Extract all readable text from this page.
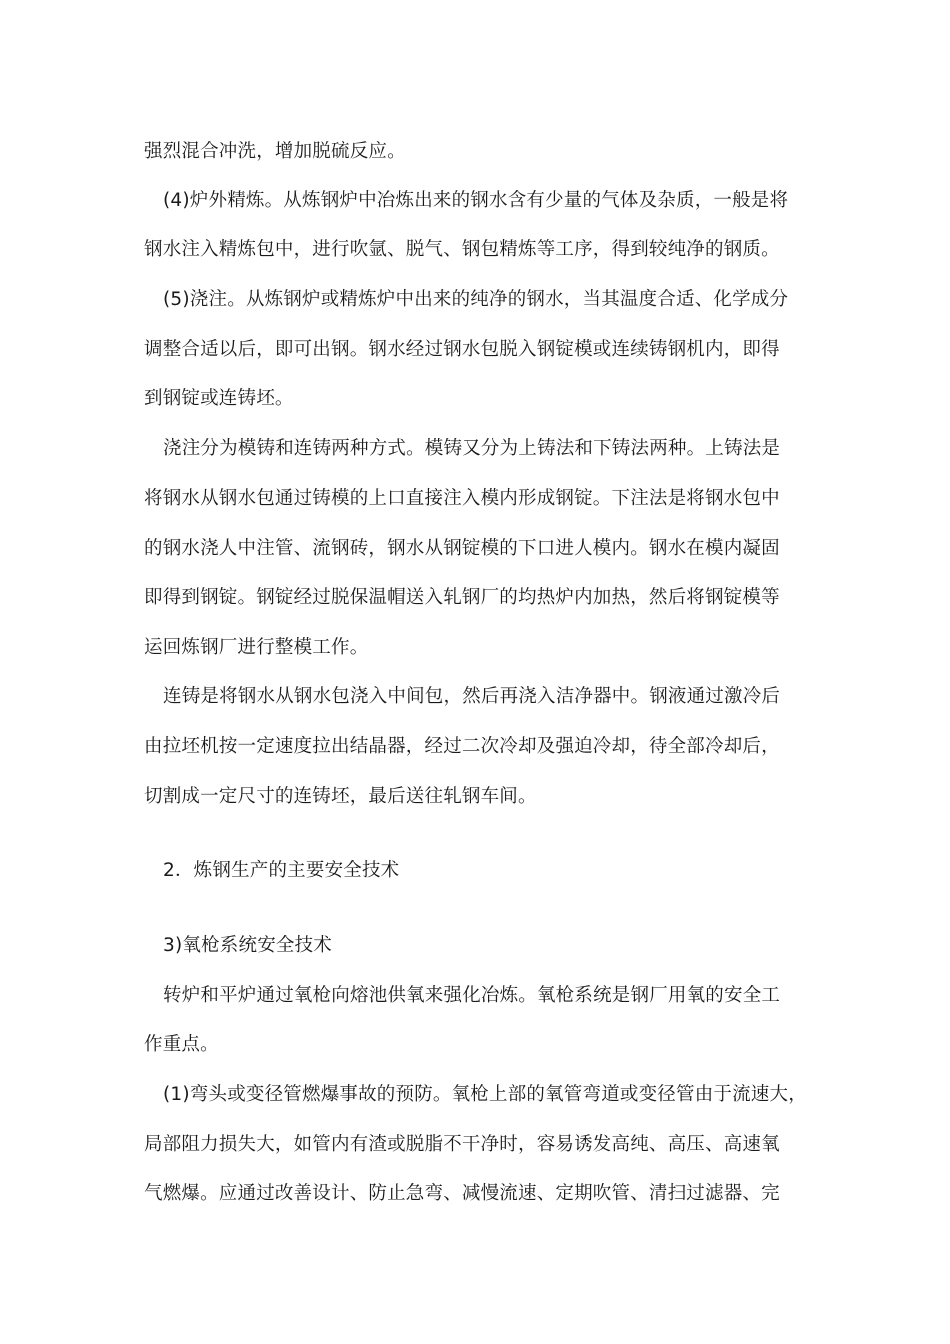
强烈混合冲洗，增加脱硫反应。
(4)炉外精炼。从炼钢炉中冶炼出来的钢水含有少量的气体及杂质，一般是将
钢水注入精炼包中，进行吹氩、脱气、钢包精炼等工序，得到较纯净的钢质。
(5)浇注。从炼钢炉或精炼炉中出来的纯净的钢水，当其温度合适、化学成分
调整合适以后，即可出钢。钢水经过钢水包脱入钢锭模或连续铸钢机内，即得
到钢锭或连铸坯。
浇注分为模铸和连铸两种方式。模铸又分为上铸法和下铸法两种。上铸法是
将钢水从钢水包通过铸模的上口直接注入模内形成钢锭。下注法是将钢水包中
的钢水浇人中注管、流钢砖，钢水从钢锭模的下口进人模内。钢水在模内凝固
即得到钢锭。钢锭经过脱保温帽送入轧钢厂的均热炉内加热，然后将钢锭模等
运回炼钢厂进行整模工作。
连铸是将钢水从钢水包浇入中间包，然后再浇入洁净器中。钢液通过激冷后
由拉坯机按一定速度拉出结晶器，经过二次冷却及强迫冷却，待全部冷却后，
切割成一定尺寸的连铸坯，最后送往轧钢车间。
2．炼钢生产的主要安全技术
3)氧枪系统安全技术
转炉和平炉通过氧枪向熔池供氧来强化冶炼。氧枪系统是钢厂用氧的安全工
作重点。
(1)弯头或变径管燃爆事故的预防。氧枪上部的氧管弯道或变径管由于流速大，
局部阻力损失大，如管内有渣或脱脂不干净时，容易诱发高纯、高压、高速氧
气燃爆。应通过改善设计、防止急弯、减慢流速、定期吹管、清扫过滤器、完
